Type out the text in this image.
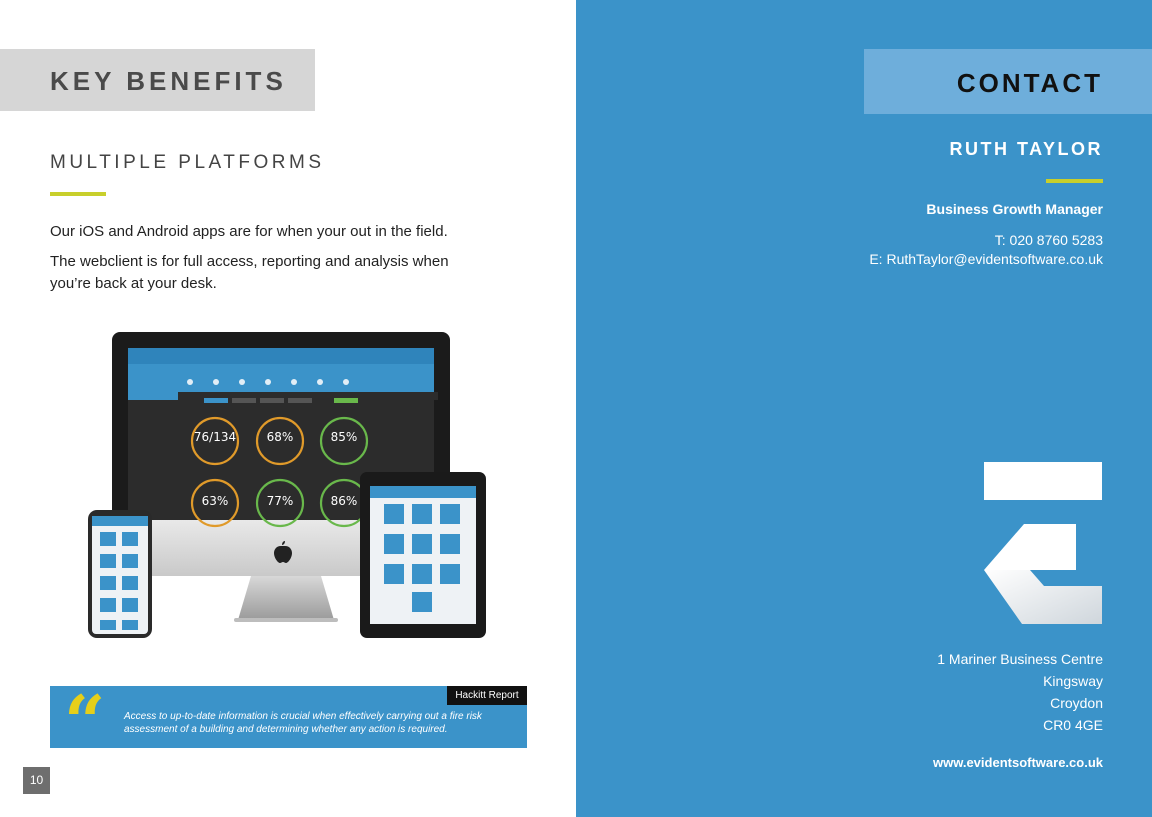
KEY BENEFITS
MULTIPLE PLATFORMS

Our iOS and Android apps are for when your out in the field.

The webclient is for full access, reporting and analysis when you’re back at your desk.

76/134	68%	85%
63%	77%	86%
“ Access to up-to-date information is crucial when effectively carrying out a fire risk assessment of a building and determining whether any action is required.

Hackitt Report
10
CONTACT
RUTH TAYLOR
Business Growth Manager
T: 020 8760 5283
E: RuthTaylor@evidentsoftware.co.uk
1 Mariner Business Centre
Kingsway
Croydon
CR0 4GE
www.evidentsoftware.co.uk
